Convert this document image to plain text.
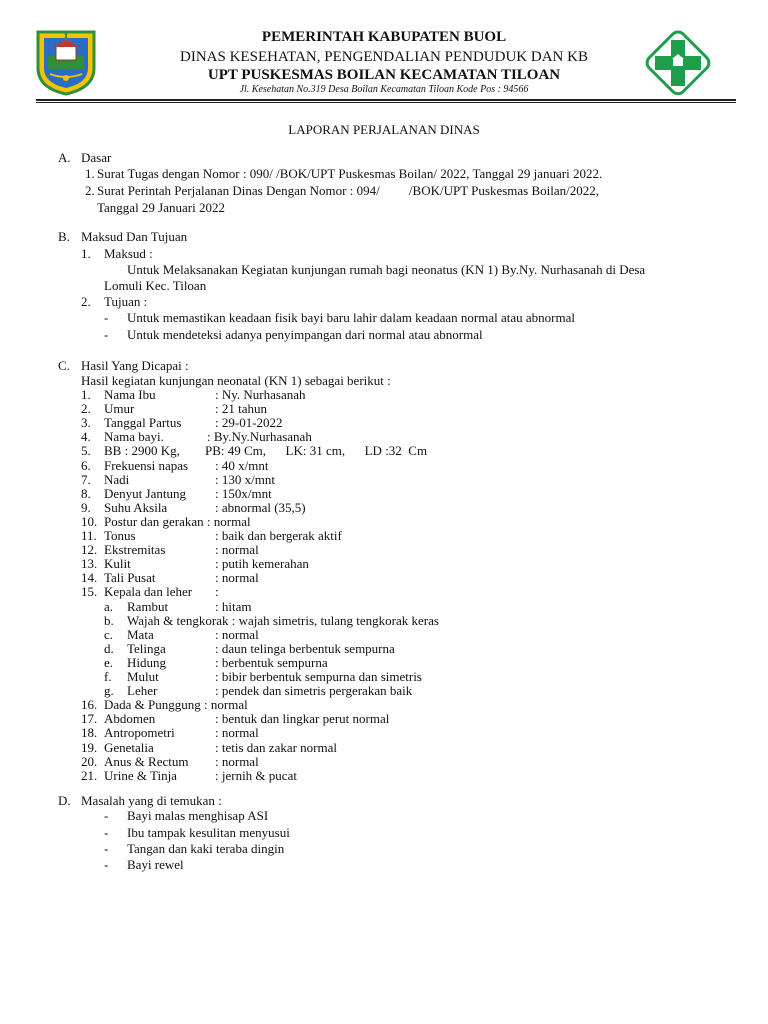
PEMERINTAH KABUPATEN BUOL
DINAS KESEHATAN, PENGENDALIAN PENDUDUK DAN KB
UPT PUSKESMAS BOILAN KECAMATAN TILOAN
Jl. Kesehatan No.319 Desa Boilan Kecamatan Tiloan Kode Pos : 94566
LAPORAN PERJALANAN DINAS
A. Dasar
1. Surat Tugas dengan Nomor : 090/ /BOK/UPT Puskesmas Boilan/ 2022, Tanggal 29 januari 2022.
2. Surat Perintah Perjalanan Dinas Dengan Nomor : 094/         /BOK/UPT Puskesmas Boilan/2022,
Tanggal 29 Januari 2022
B. Maksud Dan Tujuan
1. Maksud :
Untuk Melaksanakan Kegiatan kunjungan rumah bagi neonatus (KN 1) By.Ny. Nurhasanah di Desa
Lomuli Kec. Tiloan
2. Tujuan :
- Untuk memastikan keadaan fisik bayi baru lahir dalam keadaan normal atau abnormal
- Untuk mendeteksi adanya penyimpangan dari normal atau abnormal
C. Hasil Yang Dicapai :
Hasil kegiatan kunjungan neonatal (KN 1) sebagai berikut :
1. Nama Ibu	: Ny. Nurhasanah
2. Umur	: 21 tahun
3. Tanggal Partus	: 29-01-2022
4. Nama bayi.	: By.Ny.Nurhasanah
5. BB : 2900 Kg, PB: 49 Cm,      LK: 31 cm,      LD :32  Cm
6. Frekuensi napas : 40 x/mnt
7. Nadi	: 130 x/mnt
8. Denyut Jantung : 150x/mnt
9. Suhu Aksila	: abnormal (35,5)
10. Postur dan gerakan : normal
11. Tonus	: baik dan bergerak aktif
12. Ekstremitas	: normal
13. Kulit	: putih kemerahan
14. Tali Pusat	: normal
15. Kepala dan leher :
a. Rambut	: hitam
b. Wajah & tengkorak : wajah simetris, tulang tengkorak keras
c. Mata	: normal
d. Telinga	: daun telinga berbentuk sempurna
e. Hidung	: berbentuk sempurna
f. Mulut	: bibir berbentuk sempurna dan simetris
g. Leher	: pendek dan simetris pergerakan baik
16. Dada & Punggung : normal
17. Abdomen	: bentuk dan lingkar perut normal
18. Antropometri	: normal
19. Genetalia	: tetis dan zakar normal
20. Anus & Rectum : normal
21. Urine & Tinja	: jernih & pucat
D. Masalah yang di temukan :
- Bayi malas menghisap ASI
- Ibu tampak kesulitan menyusui
- Tangan dan kaki teraba dingin
- Bayi rewel
